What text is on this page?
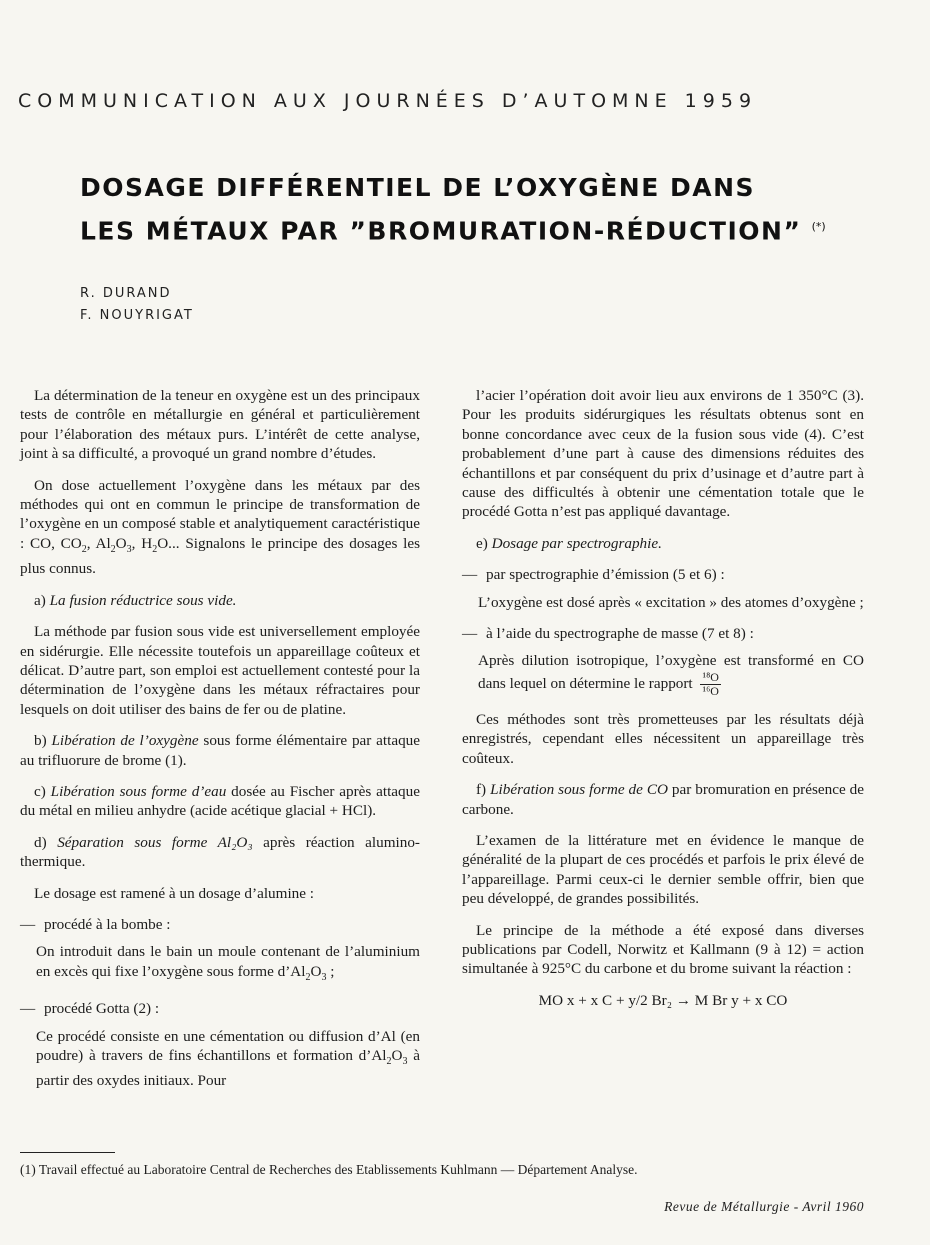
COMMUNICATION AUX JOURNÉES D’AUTOMNE 1959
DOSAGE DIFFÉRENTIEL DE L’OXYGÈNE DANS
LES MÉTAUX PAR ”BROMURATION-RÉDUCTION” (*)
R. DURAND
F. NOUYRIGAT

La détermination de la teneur en oxygène est un des principaux tests de contrôle en métallurgie en général et particulièrement pour l’élaboration des métaux purs. L’intérêt de cette analyse, joint à sa difficulté, a provoqué un grand nombre d’études.

On dose actuellement l’oxygène dans les métaux par des méthodes qui ont en commun le principe de transformation de l’oxygène en un composé stable et analytiquement caractéristique : CO, $CO_2$, $Al_2O_3$, $H_2O$... Signalons le principe des dosages les plus connus.

a) La fusion réductrice sous vide.

La méthode par fusion sous vide est universellement employée en sidérurgie. Elle nécessite toutefois un appareillage coûteux et délicat. D’autre part, son emploi est actuellement contesté pour la détermination de l’oxygène dans les métaux réfractaires pour lesquels on doit utiliser des bains de fer ou de platine.

b) Libération de l’oxygène sous forme élémentaire par attaque au trifluorure de brome (1).

c) Libération sous forme d’eau dosée au Fischer après attaque du métal en milieu anhydre (acide acétique glacial + HCl).

d) Séparation sous forme Al₂O₃ après réaction alumino-thermique.

Le dosage est ramené à un dosage d’alumine :

— procédé à la bombe :

On introduit dans le bain un moule contenant de l’aluminium en excès qui fixe l’oxygène sous forme $d’Al_2O_3$ ;

— procédé Gotta (2) :

Ce procédé consiste en une cémentation ou diffusion d’Al (en poudre) à travers de fins échantillons et formation $d’Al_2O_3$ à partir des oxydes initiaux. Pour

l’acier l’opération doit avoir lieu aux environs de 1 350°C (3). Pour les produits sidérurgiques les résultats obtenus sont en bonne concordance avec ceux de la fusion sous vide (4). C’est probablement d’une part à cause des dimensions réduites des échantillons et par conséquent du prix d’usinage et d’autre part à cause des difficultés à obtenir une cémentation totale que le procédé Gotta n’est pas appliqué davantage.

e) Dosage par spectrographie.

— par spectrographie d’émission (5 et 6) :

L’oxygène est dosé après « excitation » des atomes d’oxygène ;

— à l’aide du spectrographe de masse (7 et 8) :

Après dilution isotropique, l’oxygène est transformé en CO dans lequel on détermine le rapport $\frac{\text{¹⁸O}}{\text{¹⁶O}}$

Ces méthodes sont très prometteuses par les résultats déjà enregistrés, cependant elles nécessitent un appareillage très coûteux.

f) Libération sous forme de CO par bromuration en présence de carbone.

L’examen de la littérature met en évidence le manque de généralité de la plupart de ces procédés et parfois le prix élevé de l’appareillage. Parmi ceux-ci le dernier semble offrir, bien que peu développé, de grandes possibilités.

Le principe de la méthode a été exposé dans diverses publications par Codell, Norwitz et Kallmann (9 à 12) = action simultanée à 925°C du carbone et du brome suivant la réaction :

MO x + x C + y/2 Br₂ → M Br y + x CO
(1) Travail effectué au Laboratoire Central de Recherches des Etablissements Kuhlmann — Département Analyse.
Revue de Métallurgie - Avril 1960
